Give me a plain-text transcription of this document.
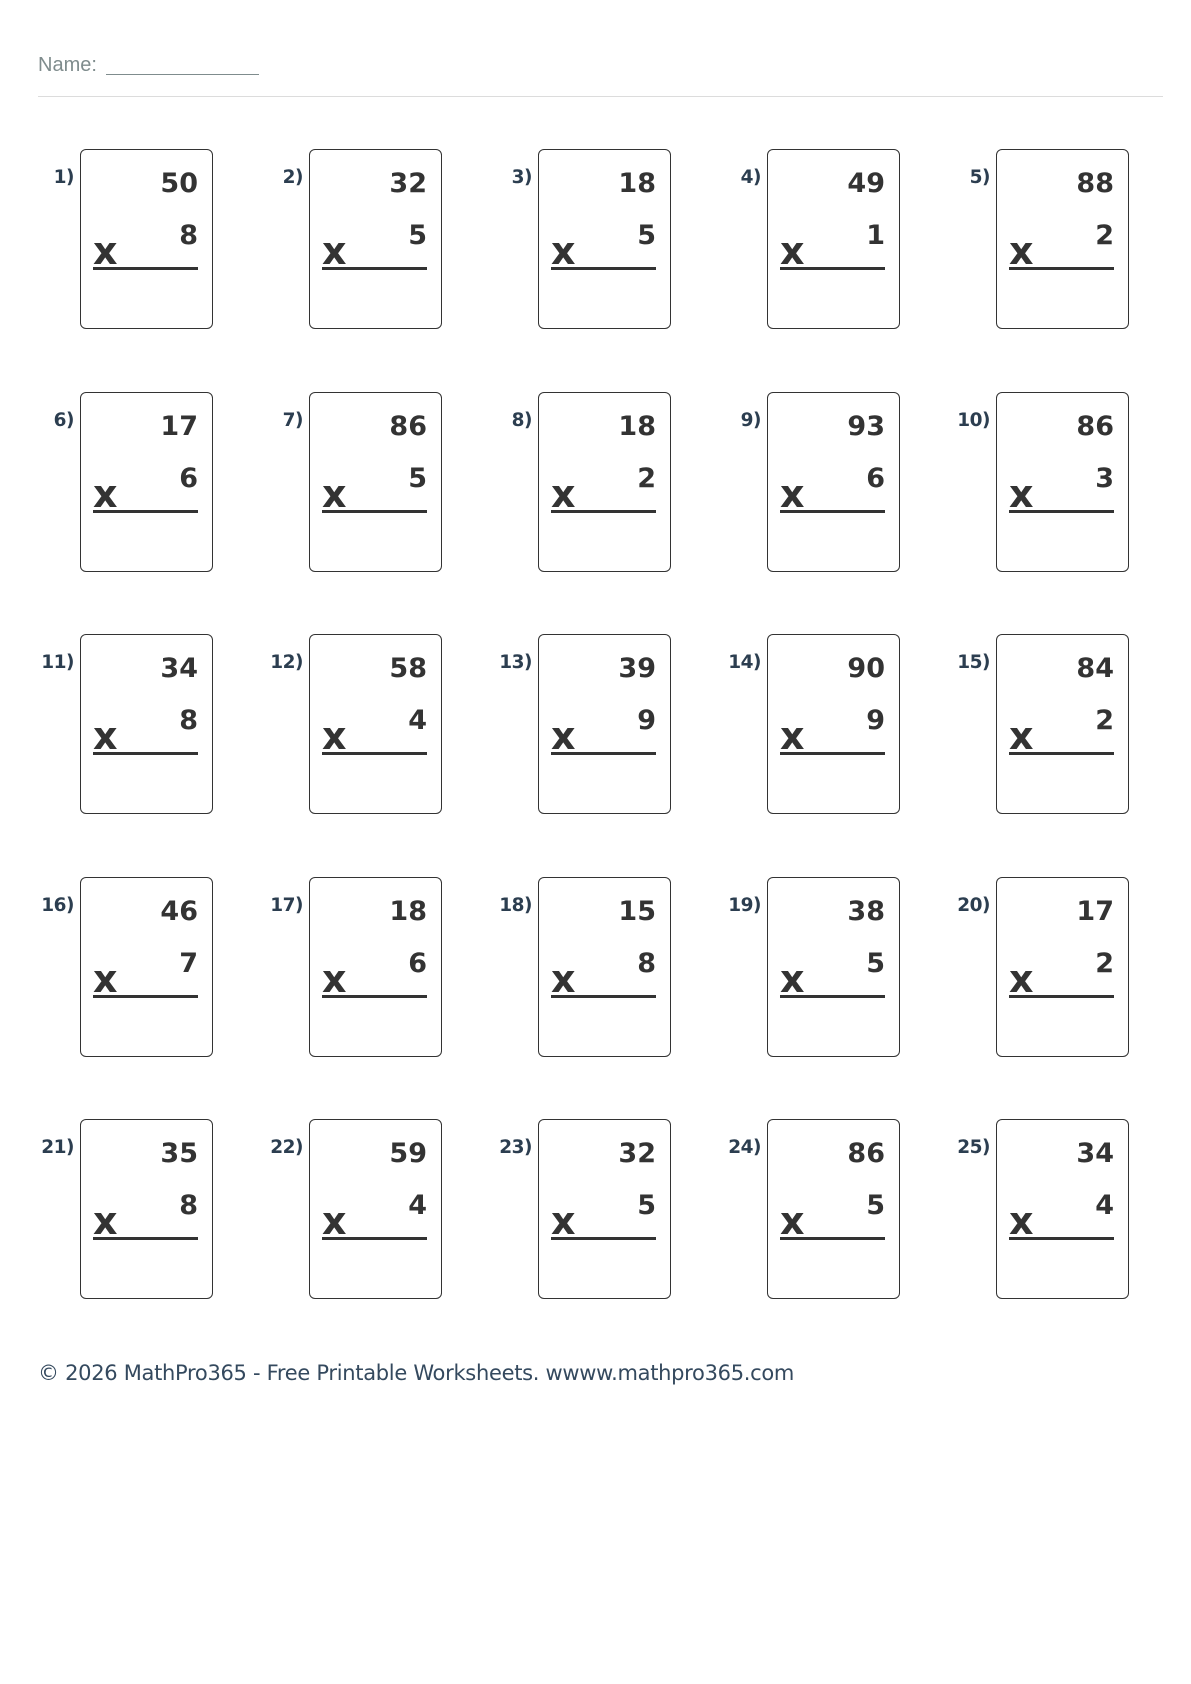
Name:
1)	50
8
x
2)	32
5
x
3)	18
5
x
4)	49
1
x
5)	88
2
x
6)	17
6
x
7)	86
5
x
8)	18
2
x
9)	93
6
x
10)	86
3
x
11)	34
8
x
12)	58
4
x
13)	39
9
x
14)	90
9
x
15)	84
2
x
16)	46
7
x
17)	18
6
x
18)	15
8
x
19)	38
5
x
20)	17
2
x
21)	35
8
x
22)	59
4
x
23)	32
5
x
24)	86
5
x
25)	34
4
x
© 2026 MathPro365 - Free Printable Worksheets. wwww.mathpro365.com
